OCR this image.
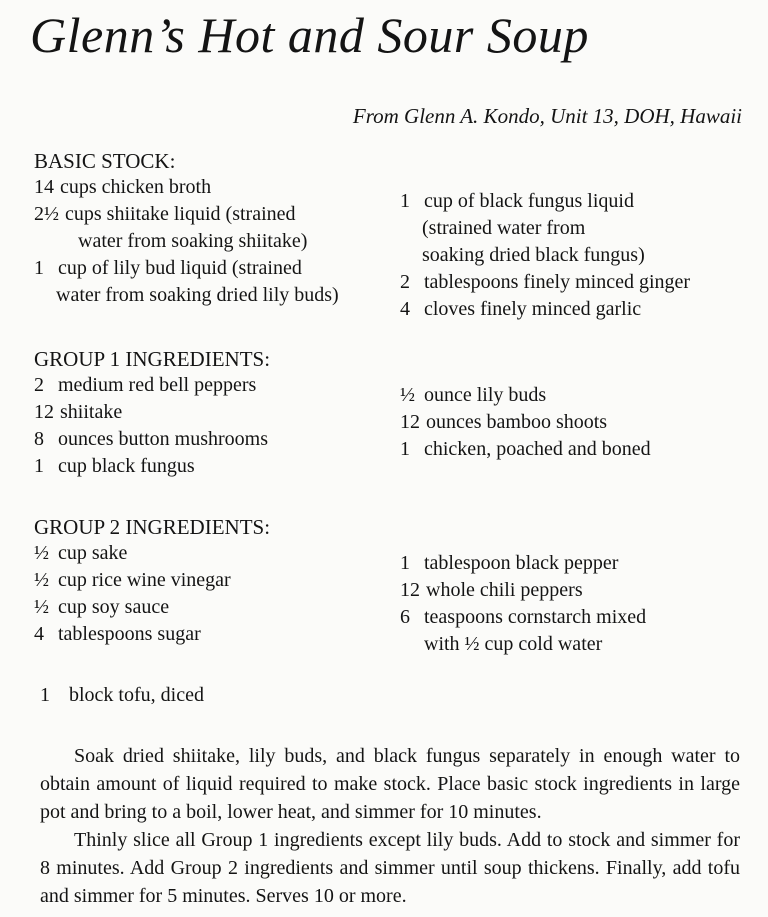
Glenn’s Hot and Sour Soup
From Glenn A. Kondo, Unit 13, DOH, Hawaii
BASIC STOCK:
14 cups chicken broth
2½ cups shiitake liquid (strained
water from soaking shiitake)
1 cup of lily bud liquid (strained
water from soaking dried lily buds)
1 cup of black fungus liquid
(strained water from
soaking dried black fungus)
2 tablespoons finely minced ginger
4 cloves finely minced garlic
GROUP 1 INGREDIENTS:
2 medium red bell peppers
12 shiitake
8 ounces button mushrooms
1 cup black fungus
½ ounce lily buds
12 ounces bamboo shoots
1 chicken, poached and boned
GROUP 2 INGREDIENTS:
½ cup sake
½ cup rice wine vinegar
½ cup soy sauce
4 tablespoons sugar
1 tablespoon black pepper
12 whole chili peppers
6 teaspoons cornstarch mixed
with ½ cup cold water
1 block tofu, diced

Soak dried shiitake, lily buds, and black fungus separately in enough water to obtain amount of liquid required to make stock. Place basic stock ingredients in large pot and bring to a boil, lower heat, and simmer for 10 minutes.

Thinly slice all Group 1 ingredients except lily buds. Add to stock and simmer for 8 minutes. Add Group 2 ingredients and simmer until soup thickens. Finally, add tofu and simmer for 5 minutes. Serves 10 or more.
